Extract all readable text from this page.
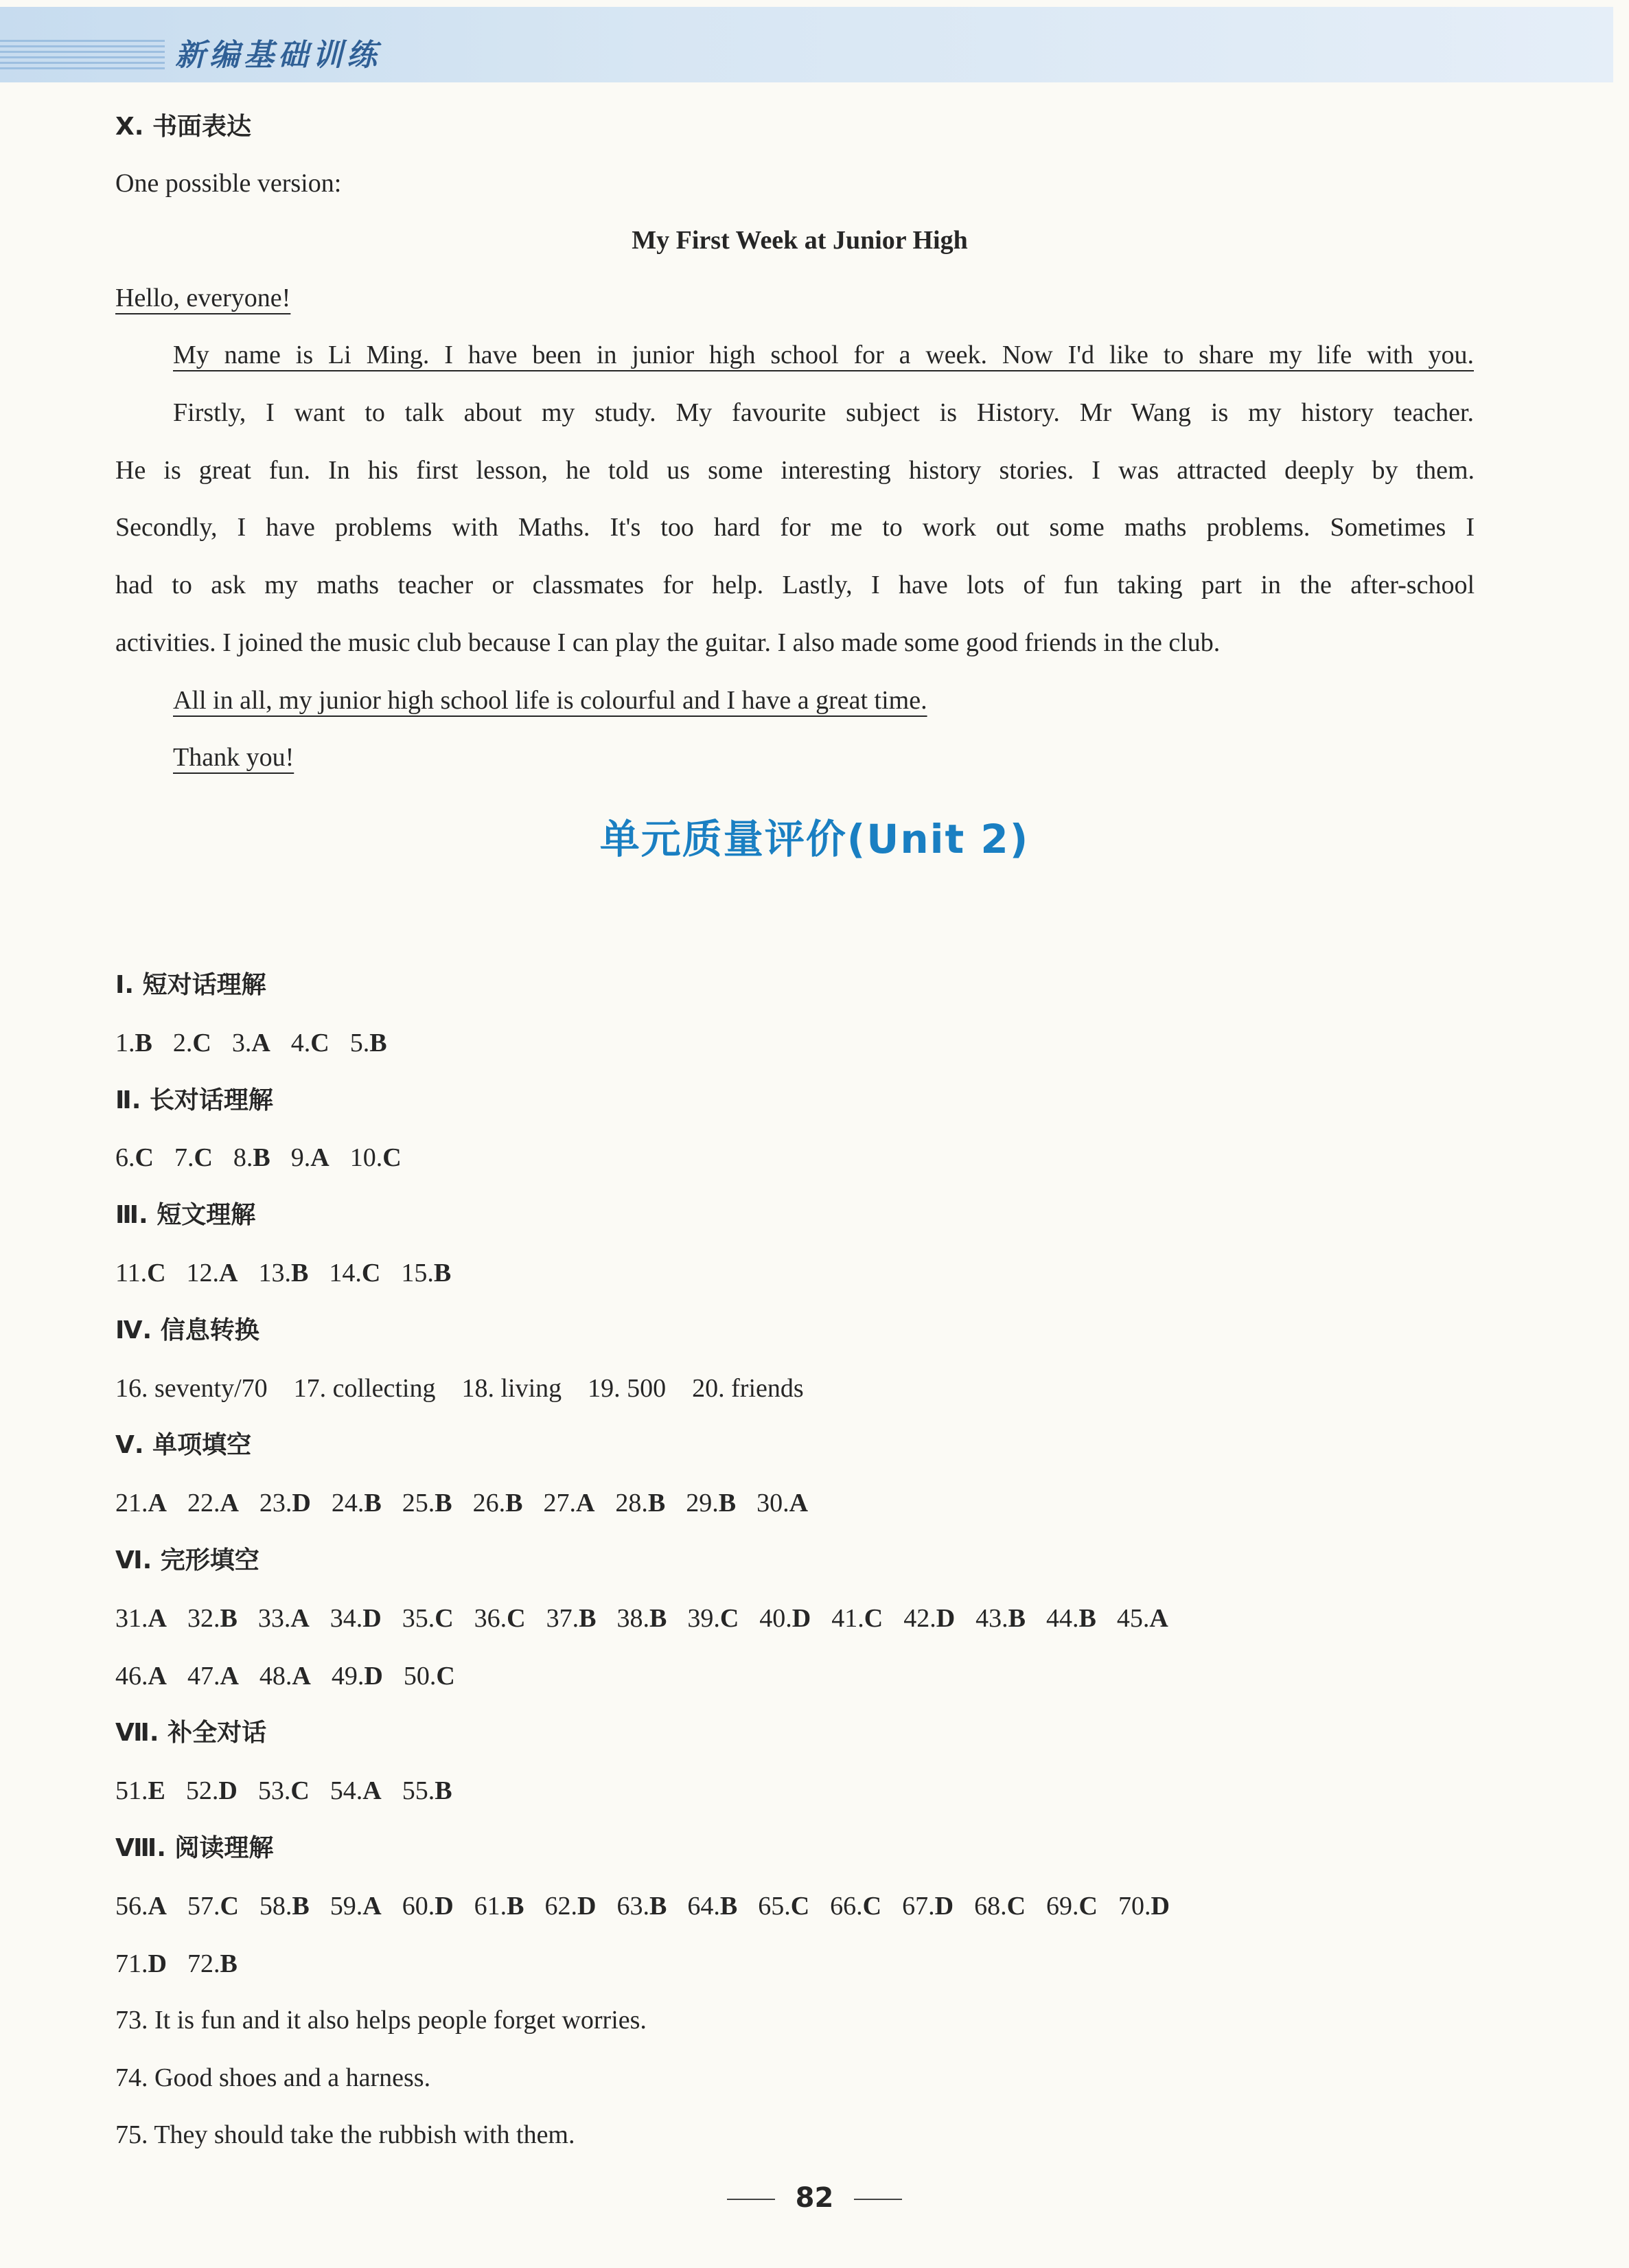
新编基础训练
Ⅹ. 书面表达
One possible version:
My First Week at Junior High
Hello, everyone!
My name is Li Ming. I have been in junior high school for a week. Now I'd like to share my life with you.
Firstly, I want to talk about my study. My favourite subject is History. Mr Wang is my history teacher.
He is great fun. In his first lesson, he told us some interesting history stories. I was attracted deeply by them.
Secondly, I have problems with Maths. It's too hard for me to work out some maths problems. Sometimes I
had to ask my maths teacher or classmates for help. Lastly, I have lots of fun taking part in the after-school
activities. I joined the music club because I can play the guitar. I also made some good friends in the club.
All in all, my junior high school life is colourful and I have a great time.
Thank you!
单元质量评价(Unit 2)
Ⅰ. 短对话理解
1.B 2.C 3.A 4.C 5.B
Ⅱ. 长对话理解
6.C 7.C 8.B 9.A 10.C
Ⅲ. 短文理解
11.C 12.A 13.B 14.C 15.B
Ⅳ. 信息转换
16. seventy/70    17. collecting    18. living    19. 500    20. friends
Ⅴ. 单项填空
21.A 22.A 23.D 24.B 25.B 26.B 27.A 28.B 29.B 30.A
Ⅵ. 完形填空
31.A 32.B 33.A 34.D 35.C 36.C 37.B 38.B 39.C 40.D 41.C 42.D 43.B 44.B 45.A
46.A 47.A 48.A 49.D 50.C
Ⅶ. 补全对话
51.E 52.D 53.C 54.A 55.B
Ⅷ. 阅读理解
56.A 57.C 58.B 59.A 60.D 61.B 62.D 63.B 64.B 65.C 66.C 67.D 68.C 69.C 70.D
71.D 72.B
73. It is fun and it also helps people forget worries.
74. Good shoes and a harness.
75. They should take the rubbish with them.
82
